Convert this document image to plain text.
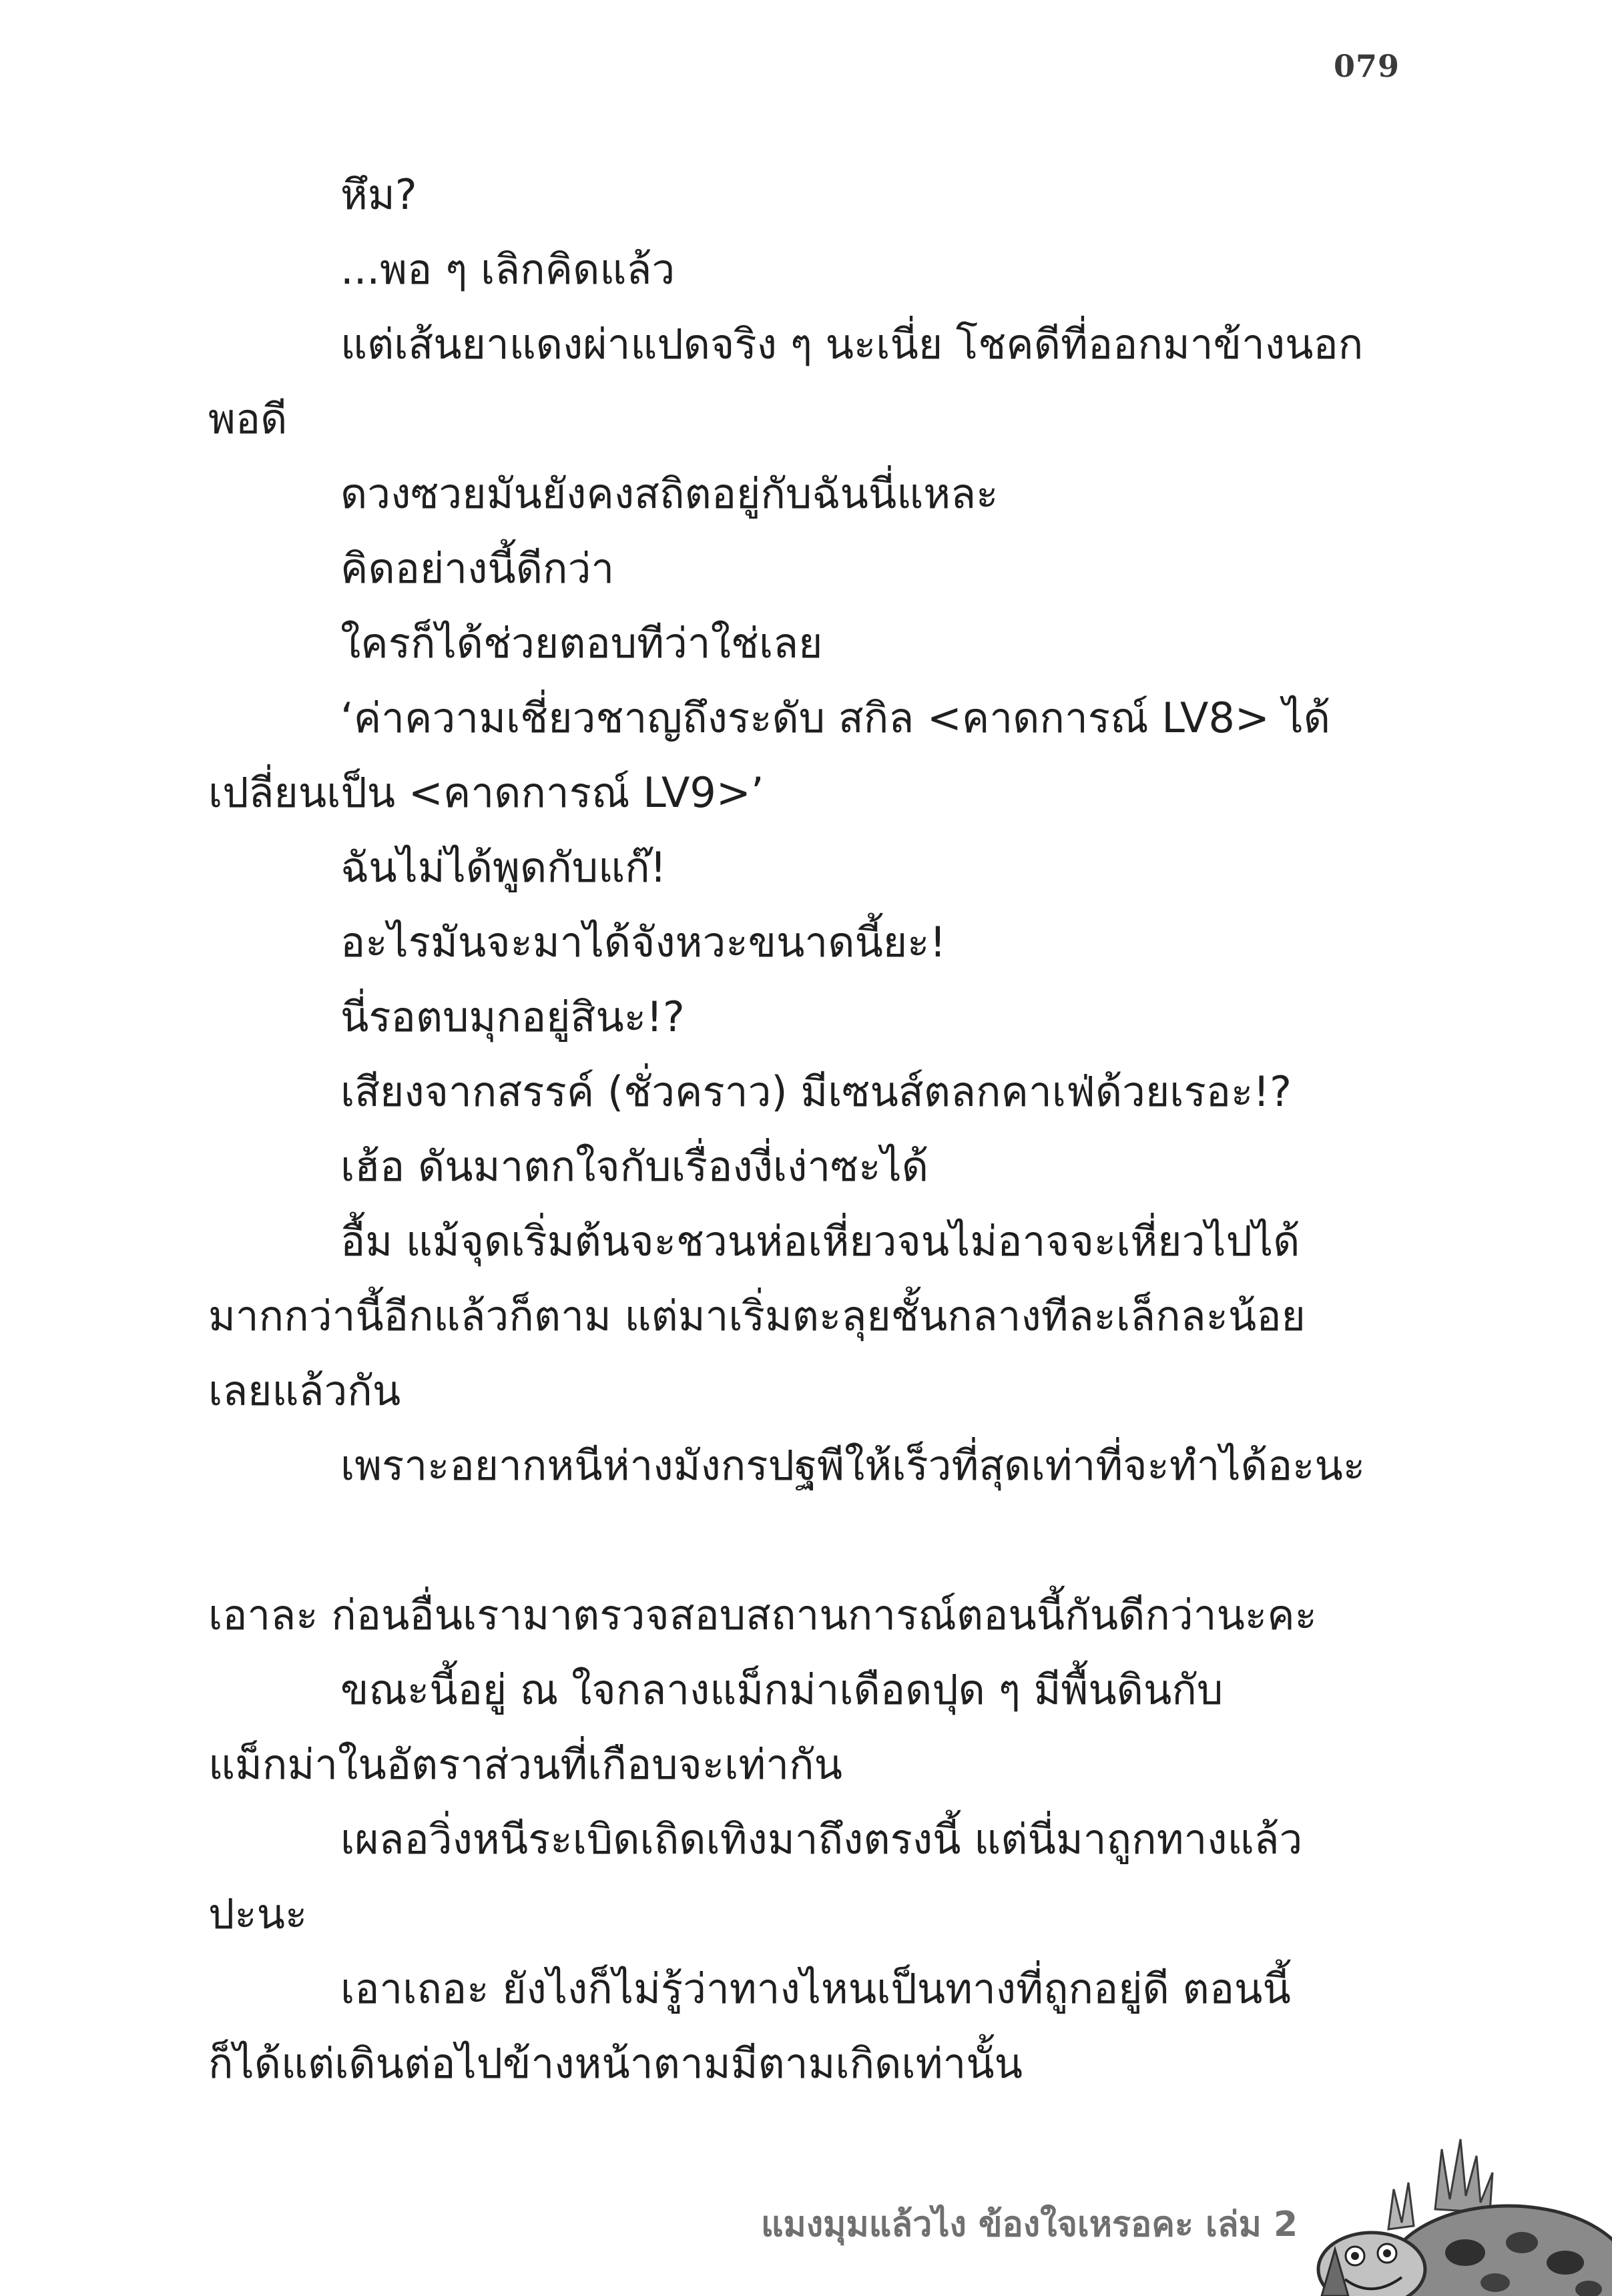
079

หึม?

...พอ ๆ เลิกคิดแล้ว

แต่เส้นยาแดงผ่าแปดจริง ๆ นะเนี่ย โชคดีที่ออกมาข้างนอก

พอดี

ดวงซวยมันยังคงสถิตอยู่กับฉันนี่แหละ

คิดอย่างนี้ดีกว่า

ใครก็ได้ช่วยตอบทีว่าใช่เลย

‘ค่าความเชี่ยวชาญถึงระดับ สกิล <คาดการณ์ LV8> ได้

เปลี่ยนเป็น <คาดการณ์ LV9>’

ฉันไม่ได้พูดกับแก๊!

อะไรมันจะมาได้จังหวะขนาดนี้ยะ!

นี่รอตบมุกอยู่สินะ!?

เสียงจากสรรค์ (ชั่วคราว) มีเซนส์ตลกคาเฟ่ด้วยเรอะ!?

เฮ้อ ดันมาตกใจกับเรื่องงี่เง่าซะได้

อื้ม แม้จุดเริ่มต้นจะชวนห่อเหี่ยวจนไม่อาจจะเหี่ยวไปได้

มากกว่านี้อีกแล้วก็ตาม แต่มาเริ่มตะลุยชั้นกลางทีละเล็กละน้อย

เลยแล้วกัน

เพราะอยากหนีห่างมังกรปฐพีให้เร็วที่สุดเท่าที่จะทำได้อะนะ

เอาละ ก่อนอื่นเรามาตรวจสอบสถานการณ์ตอนนี้กันดีกว่านะคะ

ขณะนี้อยู่ ณ ใจกลางแม็กม่าเดือดปุด ๆ มีพื้นดินกับ

แม็กม่าในอัตราส่วนที่เกือบจะเท่ากัน

เผลอวิ่งหนีระเบิดเถิดเทิงมาถึงตรงนี้ แต่นี่มาถูกทางแล้ว

ปะนะ

เอาเถอะ ยังไงก็ไม่รู้ว่าทางไหนเป็นทางที่ถูกอยู่ดี ตอนนี้

ก็ได้แต่เดินต่อไปข้างหน้าตามมีตามเกิดเท่านั้น

แมงมุมแล้วไง ข้องใจเหรอคะ เล่ม 2
